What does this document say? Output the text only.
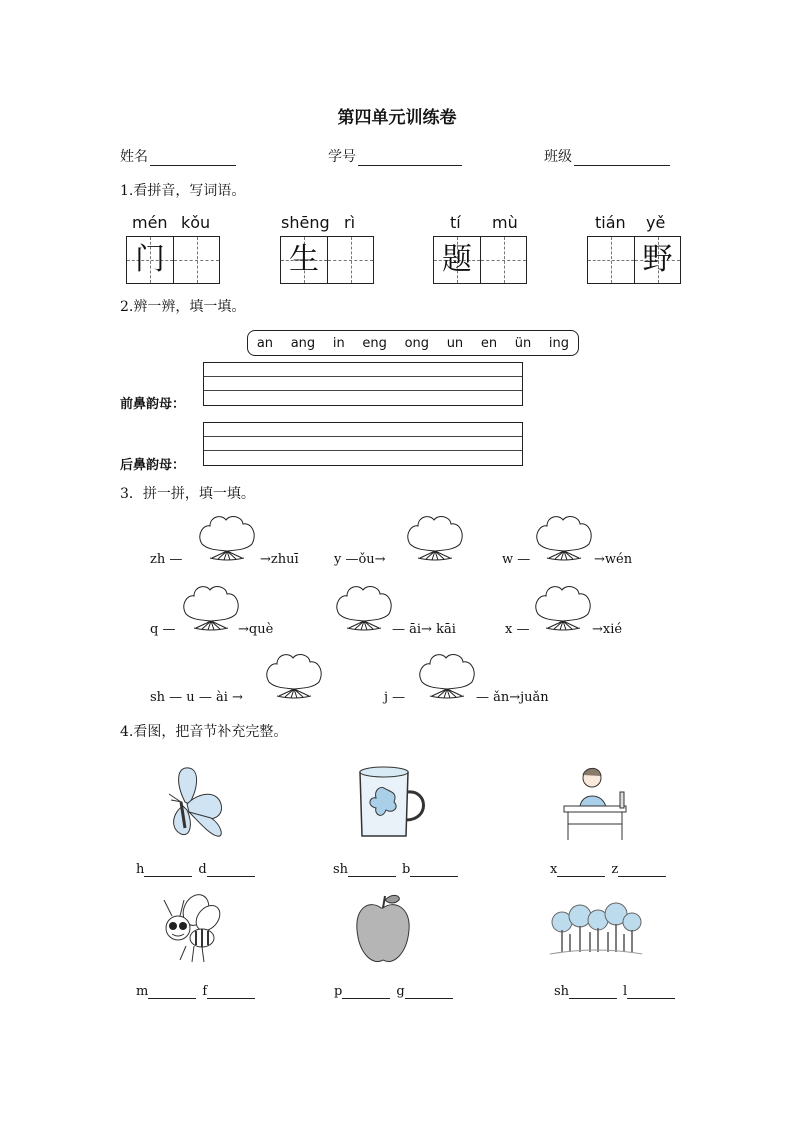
第四单元训练卷
姓名	学号	班级
1.看拼音，写词语。
mén kǒu
门
shēng rì
生
tí mù
题
tián yě
野
2.辨一辨，填一填。
an ang in eng ong un en ün ing
前鼻韵母：
后鼻韵母：
3．拼一拼，填一填。
zh —	→zhuī	y —ǒu→	w —	→wén
q —	→què	— āi→ kāi	x —	→xié
sh — u — ài →	j —	— ǎn→juǎn
4.看图，把音节补充完整。
h	d	sh	b	x	z
m	f	p	g	sh	l
